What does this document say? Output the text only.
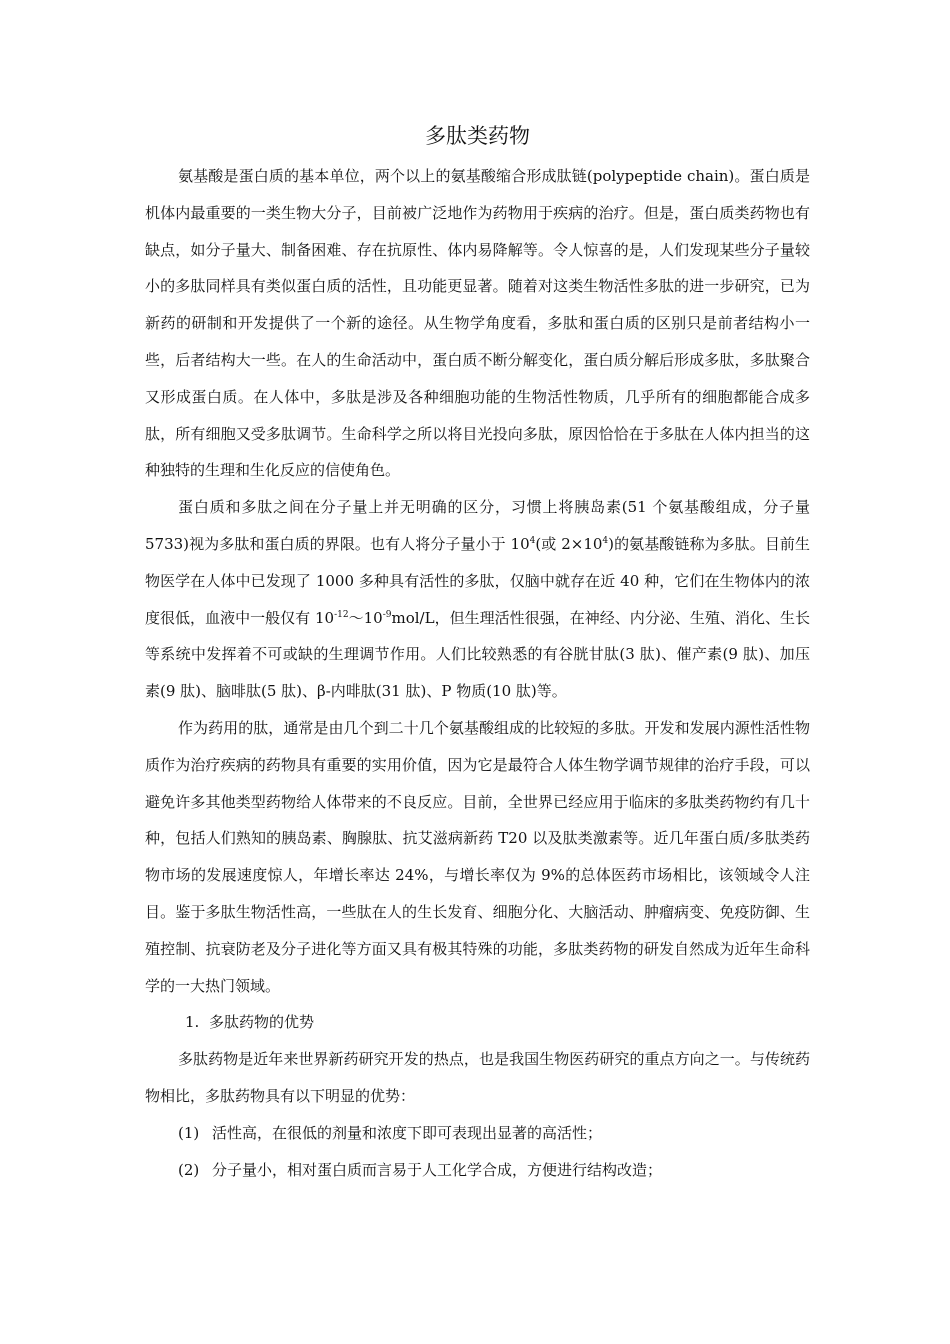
多肽类药物

氨基酸是蛋白质的基本单位，两个以上的氨基酸缩合形成肽链(polypeptide chain)。蛋白质是机体内最重要的一类生物大分子，目前被广泛地作为药物用于疾病的治疗。但是，蛋白质类药物也有缺点，如分子量大、制备困难、存在抗原性、体内易降解等。令人惊喜的是，人们发现某些分子量较小的多肽同样具有类似蛋白质的活性，且功能更显著。随着对这类生物活性多肽的进一步研究，已为新药的研制和开发提供了一个新的途径。从生物学角度看，多肽和蛋白质的区别只是前者结构小一些，后者结构大一些。在人的生命活动中，蛋白质不断分解变化，蛋白质分解后形成多肽，多肽聚合又形成蛋白质。在人体中，多肽是涉及各种细胞功能的生物活性物质，几乎所有的细胞都能合成多肽，所有细胞又受多肽调节。生命科学之所以将目光投向多肽，原因恰恰在于多肽在人体内担当的这种独特的生理和生化反应的信使角色。

蛋白质和多肽之间在分子量上并无明确的区分，习惯上将胰岛素(51 个氨基酸组成，分子量 5733)视为多肽和蛋白质的界限。也有人将分子量小于 $10^4$(或 $2\times 10^4$)的氨基酸链称为多肽。目前生物医学在人体中已发现了 1000 多种具有活性的多肽，仅脑中就存在近 40 种，它们在生物体内的浓度很低，血液中一般仅有 $10^{-12}\sim 10^{-9}mol/L$，但生理活性很强，在神经、内分泌、生殖、消化、生长等系统中发挥着不可或缺的生理调节作用。人们比较熟悉的有谷胱甘肽(3 肽)、催产素(9 肽)、加压素(9 肽)、脑啡肽(5 肽)、β-内啡肽(31 肽)、P 物质(10 肽)等。

作为药用的肽，通常是由几个到二十几个氨基酸组成的比较短的多肽。开发和发展内源性活性物质作为治疗疾病的药物具有重要的实用价值，因为它是最符合人体生物学调节规律的治疗手段，可以避免许多其他类型药物给人体带来的不良反应。目前，全世界已经应用于临床的多肽类药物约有几十种，包括人们熟知的胰岛素、胸腺肽、抗艾滋病新药 T20 以及肽类激素等。近几年蛋白质/多肽类药物市场的发展速度惊人，年增长率达 24%，与增长率仅为 9%的总体医药市场相比，该领域令人注目。鉴于多肽生物活性高，一些肽在人的生长发育、细胞分化、大脑活动、肿瘤病变、免疫防御、生殖控制、抗衰防老及分子进化等方面又具有极其特殊的功能，多肽类药物的研发自然成为近年生命科学的一大热门领域。

1. 多肽药物的优势

多肽药物是近年来世界新药研究开发的热点，也是我国生物医药研究的重点方向之一。与传统药物相比，多肽药物具有以下明显的优势：

(1) 活性高，在很低的剂量和浓度下即可表现出显著的高活性；

(2) 分子量小，相对蛋白质而言易于人工化学合成，方便进行结构改造；
